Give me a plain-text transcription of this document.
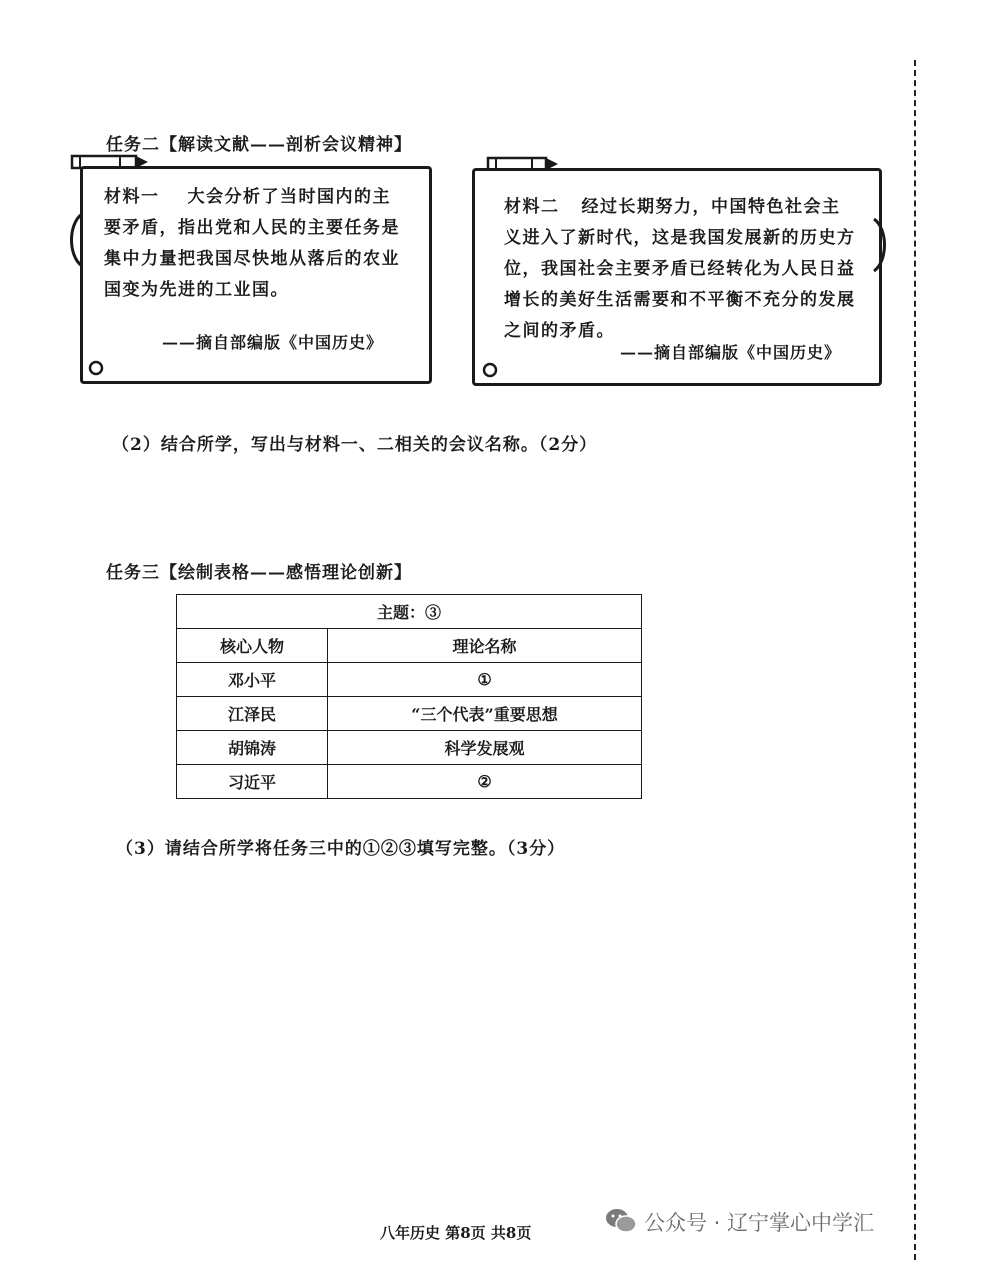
任务二【解读文献——剖析会议精神】
材料一 大会分析了当时国内的主要矛盾，指出党和人民的主要任务是集中力量把我国尽快地从落后的农业国变为先进的工业国。
——摘自部编版《中国历史》
材料二 经过长期努力，中国特色社会主义进入了新时代，这是我国发展新的历史方位，我国社会主要矛盾已经转化为人民日益增长的美好生活需要和不平衡不充分的发展之间的矛盾。
——摘自部编版《中国历史》
（2）结合所学，写出与材料一、二相关的会议名称。（2分）
任务三【绘制表格——感悟理论创新】
主题：③	
核心人物	理论名称
邓小平	①
江泽民	“三个代表”重要思想
胡锦涛	科学发展观
习近平	②
（3）请结合所学将任务三中的①②③填写完整。（3分）
八年历史 第8页 共8页	公众号 · 辽宁掌心中学汇
